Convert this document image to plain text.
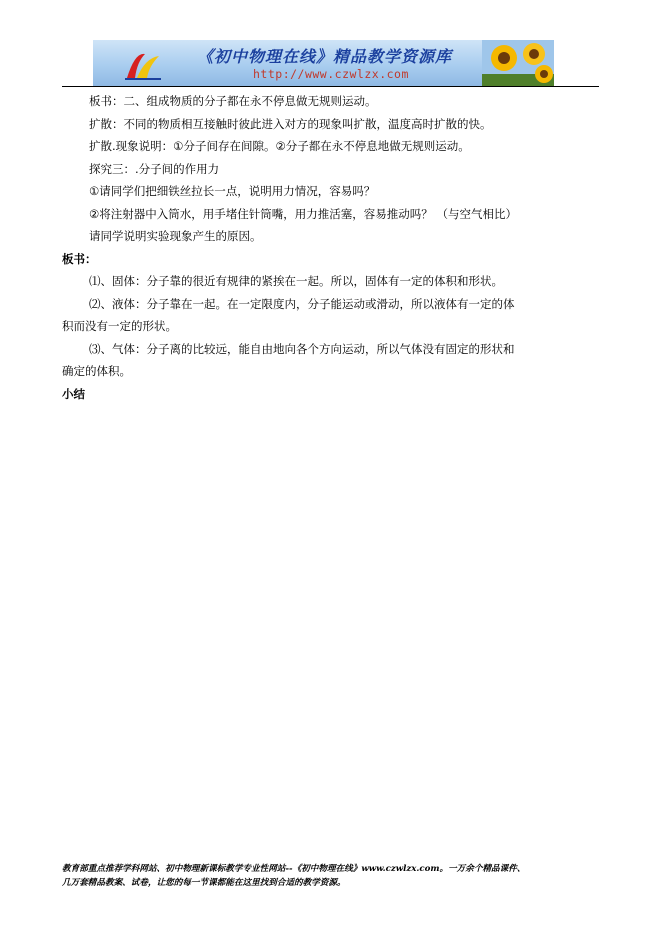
《初中物理在线》精品教学资源库
http://www.czwlzx.com
板书：二、组成物质的分子都在永不停息做无规则运动。
扩散：不同的物质相互接触时彼此进入对方的现象叫扩散，温度高时扩散的快。
扩散.现象说明：①分子间存在间隙。②分子都在永不停息地做无规则运动。
探究三：.分子间的作用力
①请同学们把细铁丝拉长一点，说明用力情况，容易吗？
②将注射器中入筒水，用手堵住针筒嘴，用力推活塞，容易推动吗？ （与空气相比）
请同学说明实验现象产生的原因。
板书：
⑴、固体：分子靠的很近有规律的紧挨在一起。所以，固体有一定的体积和形状。
⑵、液体：分子靠在一起。在一定限度内，分子能运动或滑动，所以液体有一定的体
积而没有一定的形状。
⑶、气体：分子离的比较远，能自由地向各个方向运动，所以气体没有固定的形状和
确定的体积。
小结
教育部重点推荐学科网站、初中物理新课标教学专业性网站--《初中物理在线》www.czwlzx.com。一万余个精品课件、
几万套精品教案、试卷，让您的每一节课都能在这里找到合适的教学资源。
